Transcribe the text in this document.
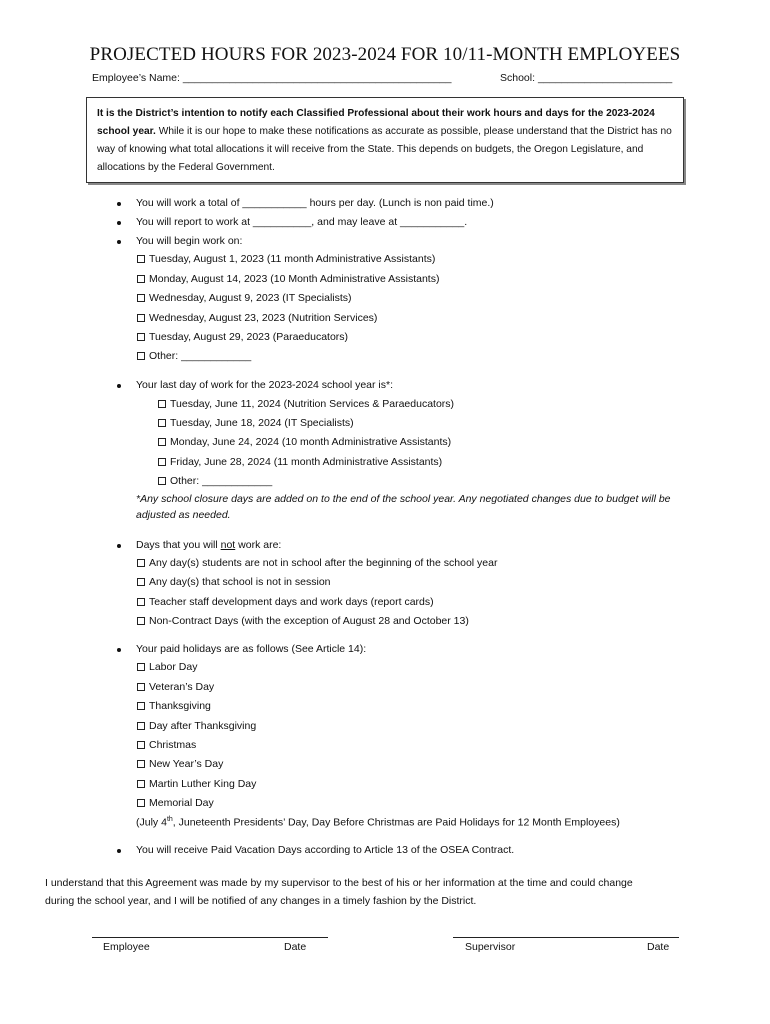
PROJECTED HOURS FOR 2023-2024 FOR 10/11-MONTH EMPLOYEES
Employee’s Name: ______________________________________________	School: _______________________
It is the District’s intention to notify each Classified Professional about their work hours and days for the 2023-2024 school year. While it is our hope to make these notifications as accurate as possible, please understand that the District has no way of knowing what total allocations it will receive from the State. This depends on budgets, the Oregon Legislature, and allocations by the Federal Government.
You will work a total of ___________ hours per day. (Lunch is non paid time.)
You will report to work at __________, and may leave at ___________.
You will begin work on:
Tuesday, August 1, 2023 (11 month Administrative Assistants)
Monday, August 14, 2023 (10 Month Administrative Assistants)
Wednesday, August 9, 2023 (IT Specialists)
Wednesday, August 23, 2023 (Nutrition Services)
Tuesday, August 29, 2023 (Paraeducators)
Other: ____________
Your last day of work for the 2023-2024 school year is*:
Tuesday, June 11, 2024 (Nutrition Services & Paraeducators)
Tuesday, June 18, 2024 (IT Specialists)
Monday, June 24, 2024 (10 month Administrative Assistants)
Friday, June 28, 2024 (11 month Administrative Assistants)
Other: ____________
*Any school closure days are added on to the end of the school year. Any negotiated changes due to budget will be
adjusted as needed.
Days that you will not work are:
Any day(s) students are not in school after the beginning of the school year
Any day(s) that school is not in session
Teacher staff development days and work days (report cards)
Non-Contract Days (with the exception of August 28 and October 13)
Your paid holidays are as follows (See Article 14):
Labor Day
Veteran’s Day
Thanksgiving
Day after Thanksgiving
Christmas
New Year’s Day
Martin Luther King Day
Memorial Day
(July 4th, Juneteenth Presidents’ Day, Day Before Christmas are Paid Holidays for 12 Month Employees)
You will receive Paid Vacation Days according to Article 13 of the OSEA Contract.
I understand that this Agreement was made by my supervisor to the best of his or her information at the time and could change
during the school year, and I will be notified of any changes in a timely fashion by the District.
Employee	Date	Supervisor	Date
